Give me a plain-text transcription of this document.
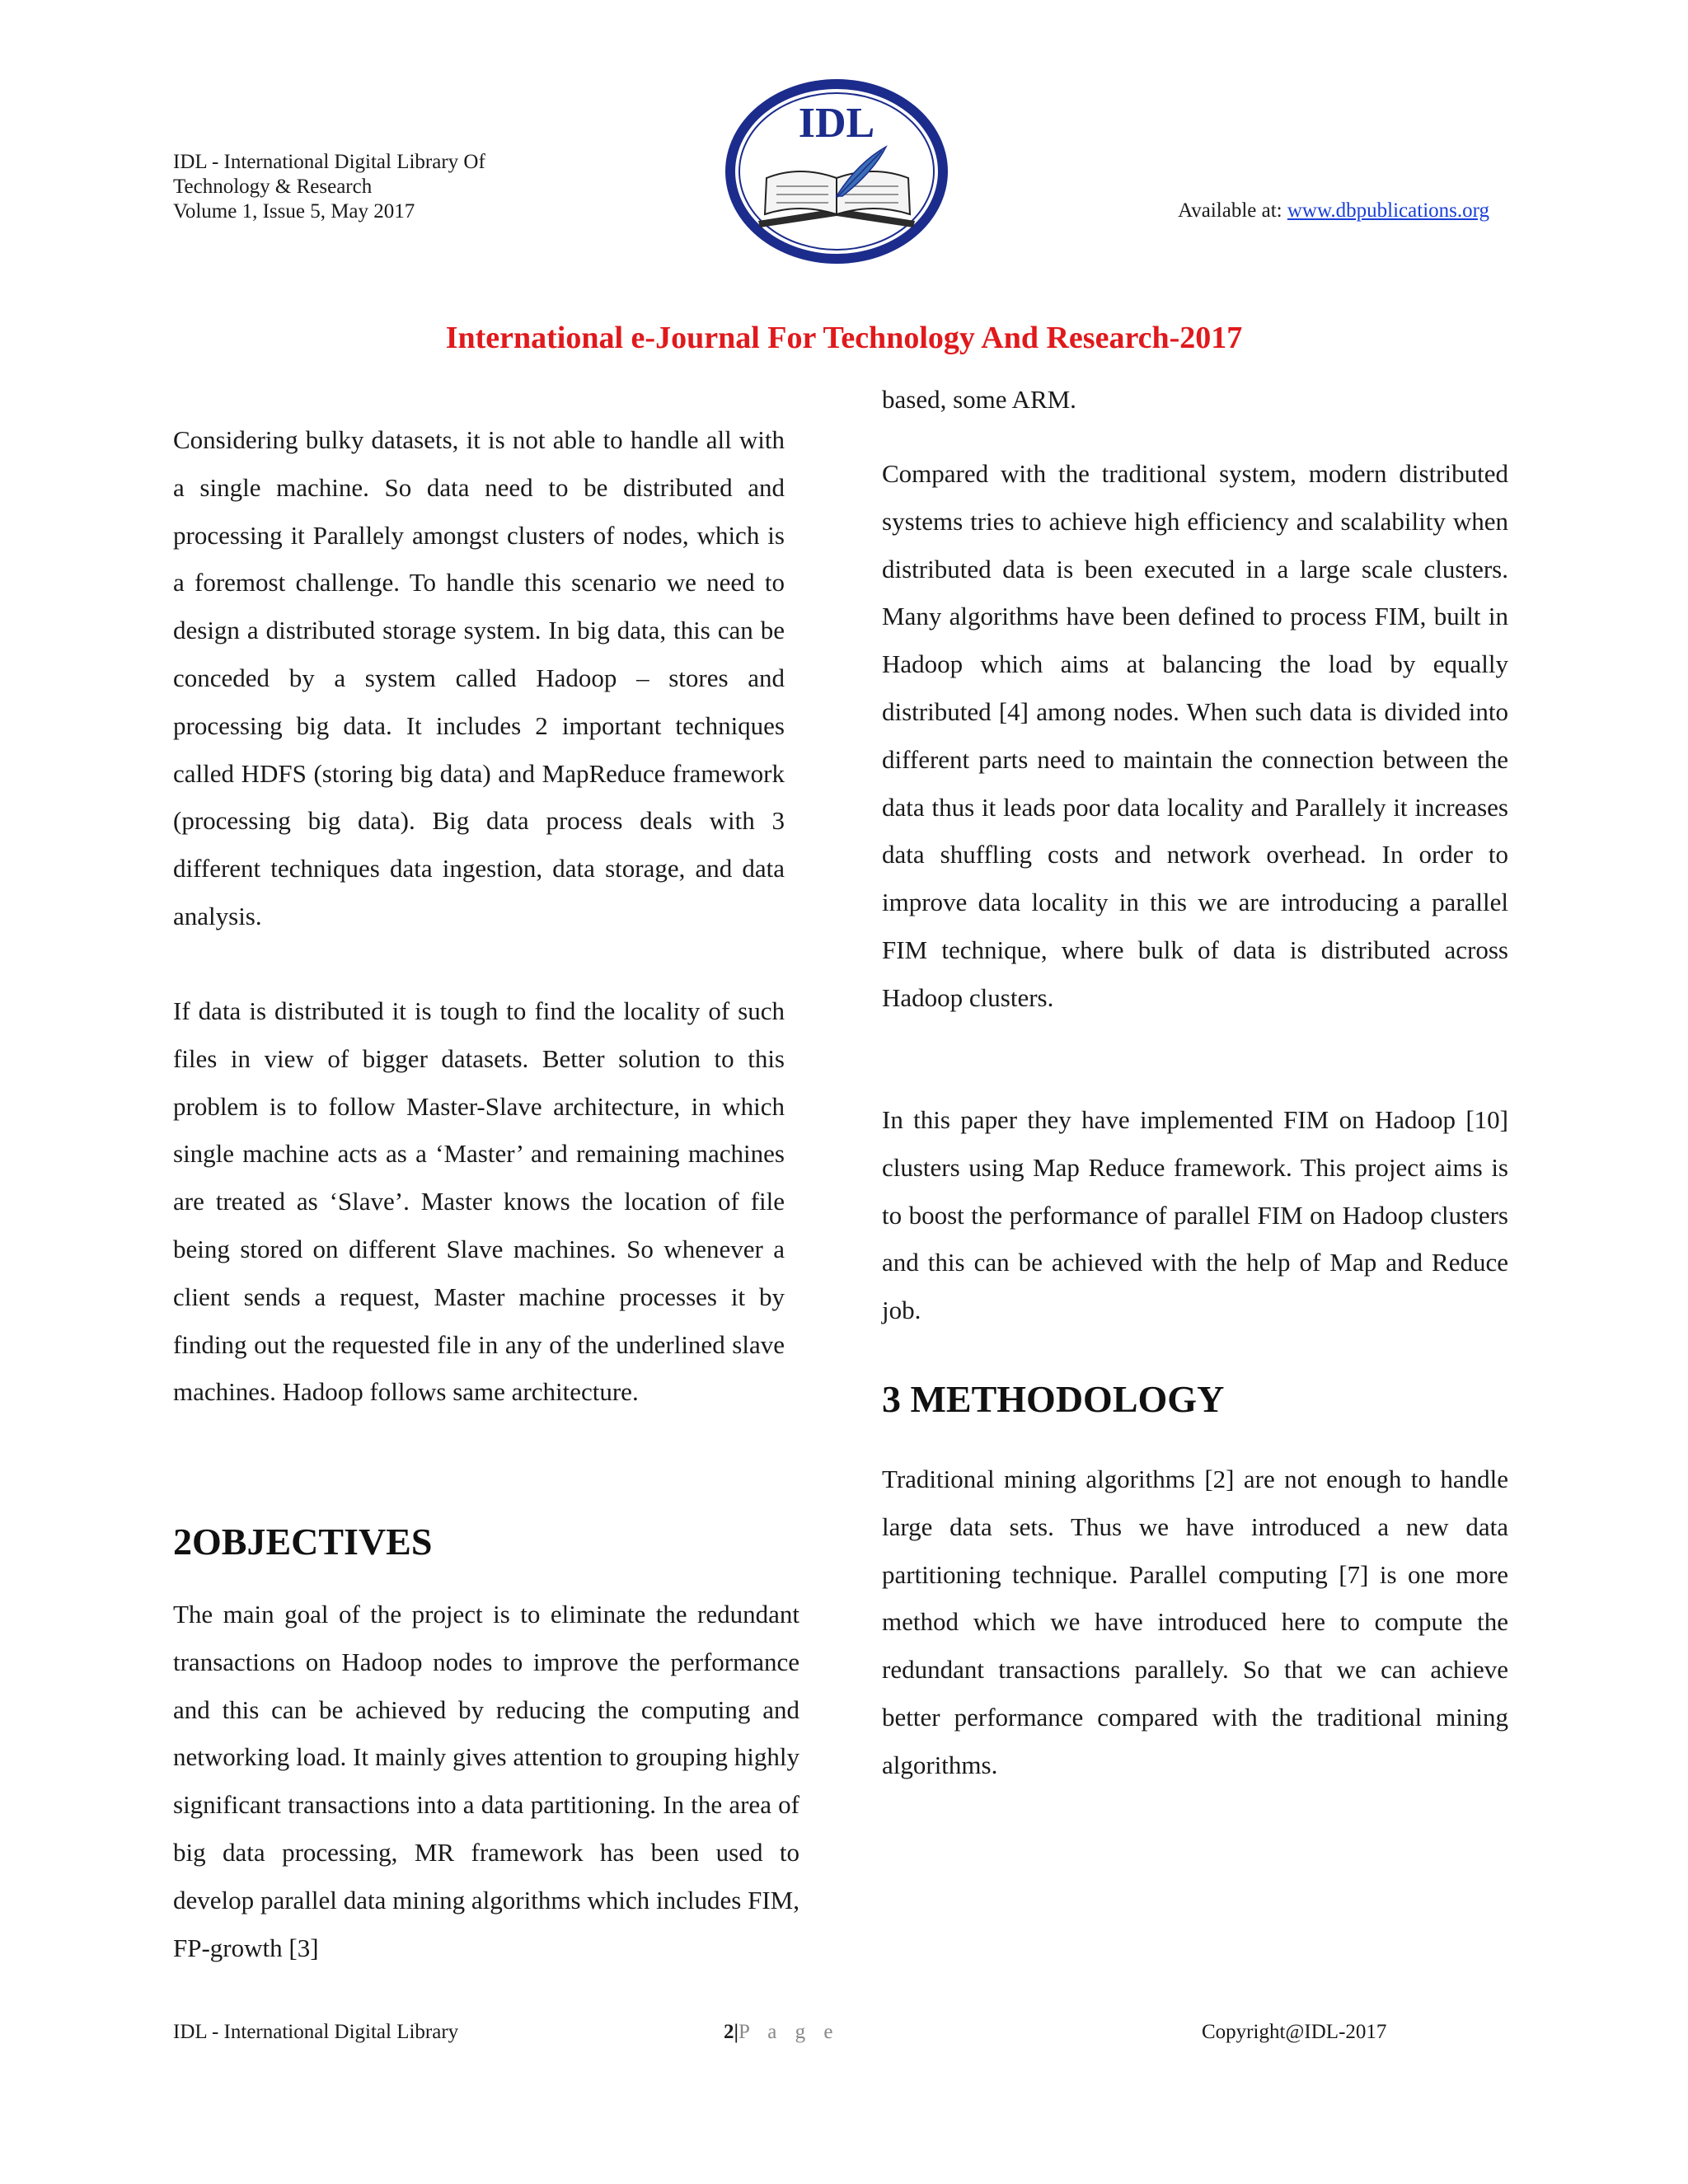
IDL - International Digital Library Of
Technology & Research
Volume 1, Issue 5, May 2017
IDL
Available at: www.dbpublications.org
International e-Journal For Technology And Research-2017

Considering bulky datasets, it is not able to handle all with a single machine. So data need to be distributed and processing it Parallely amongst clusters of nodes, which is a foremost challenge. To handle this scenario we need to design a distributed storage system. In big data, this can be conceded by a system called Hadoop – stores and processing big data. It includes 2 important techniques called HDFS (storing big data) and MapReduce framework (processing big data). Big data process deals with 3 different techniques data ingestion, data storage, and data analysis.

If data is distributed it is tough to find the locality of such files in view of bigger datasets. Better solution to this problem is to follow Master-Slave architecture, in which single machine acts as a ‘Master’ and remaining machines are treated as ‘Slave’. Master knows the location of file being stored on different Slave machines. So whenever a client sends a request, Master machine processes it by finding out the requested file in any of the underlined slave machines. Hadoop follows same architecture.

2OBJECTIVES

The main goal of the project is to eliminate the redundant transactions on Hadoop nodes to improve the performance and this can be achieved by reducing the computing and networking load. It mainly gives attention to grouping highly significant transactions into a data partitioning. In the area of big data processing, MR framework has been used to develop parallel data mining algorithms which includes FIM, FP-growth [3]

based, some ARM.

Compared with the traditional system, modern distributed systems tries to achieve high efficiency and scalability when distributed data is been executed in a large scale clusters. Many algorithms have been defined to process FIM, built in Hadoop which aims at balancing the load by equally distributed [4] among nodes. When such data is divided into different parts need to maintain the connection between the data thus it leads poor data locality and Parallely it increases data shuffling costs and network overhead. In order to improve data locality in this we are introducing a parallel FIM technique, where bulk of data is distributed across Hadoop clusters.

In this paper they have implemented FIM on Hadoop [10] clusters using Map Reduce framework. This project aims is to boost the performance of parallel FIM on Hadoop clusters and this can be achieved with the help of Map and Reduce job.

3 METHODOLOGY

Traditional mining algorithms [2] are not enough to handle large data sets. Thus we have introduced a new data partitioning technique. Parallel computing [7] is one more method which we have introduced here to compute the redundant transactions parallely. So that we can achieve better performance compared with the traditional mining algorithms.

IDL - International Digital Library	2|P a g e	Copyright@IDL-2017
